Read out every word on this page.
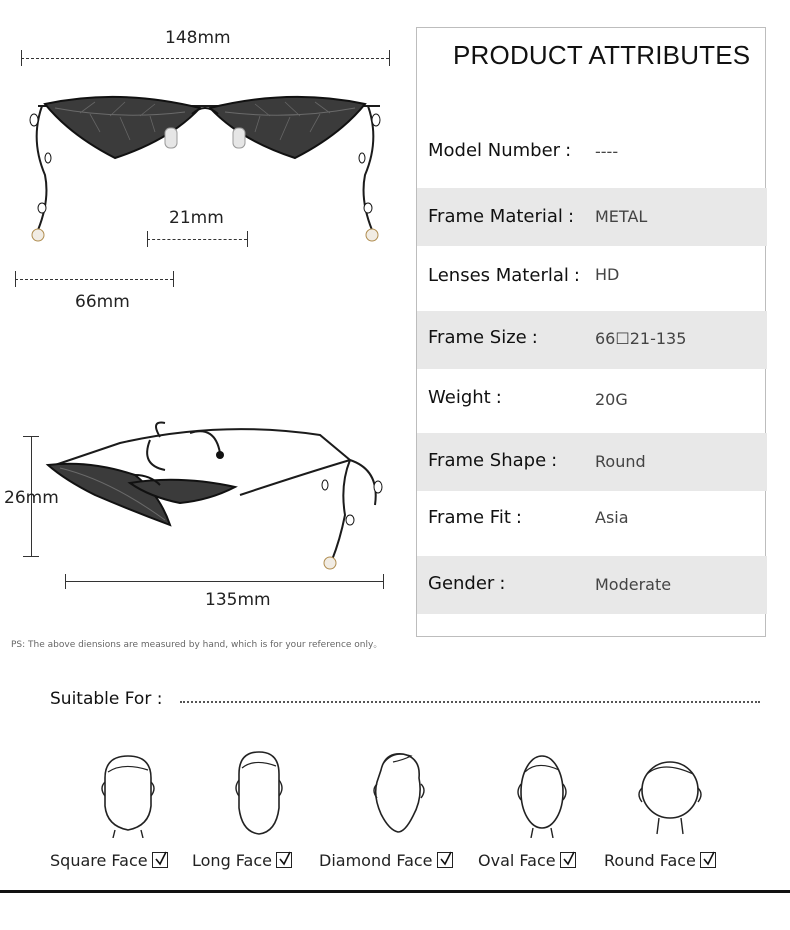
148mm
21mm
66mm
26mm
135mm
PS: The above diensions are measured by hand, which is for your reference only。
PRODUCT ATTRIBUTES
Model Number : ----
Frame Material : METAL
Lenses Materlal : HD
Frame Size :	66☐21-135
Weight :	20G
Frame Shape : Round
Frame Fit :	Asia
Gender :	Moderate
Suitable For :
Square Face	Long Face	Diamond Face	Oval Face	Round Face
